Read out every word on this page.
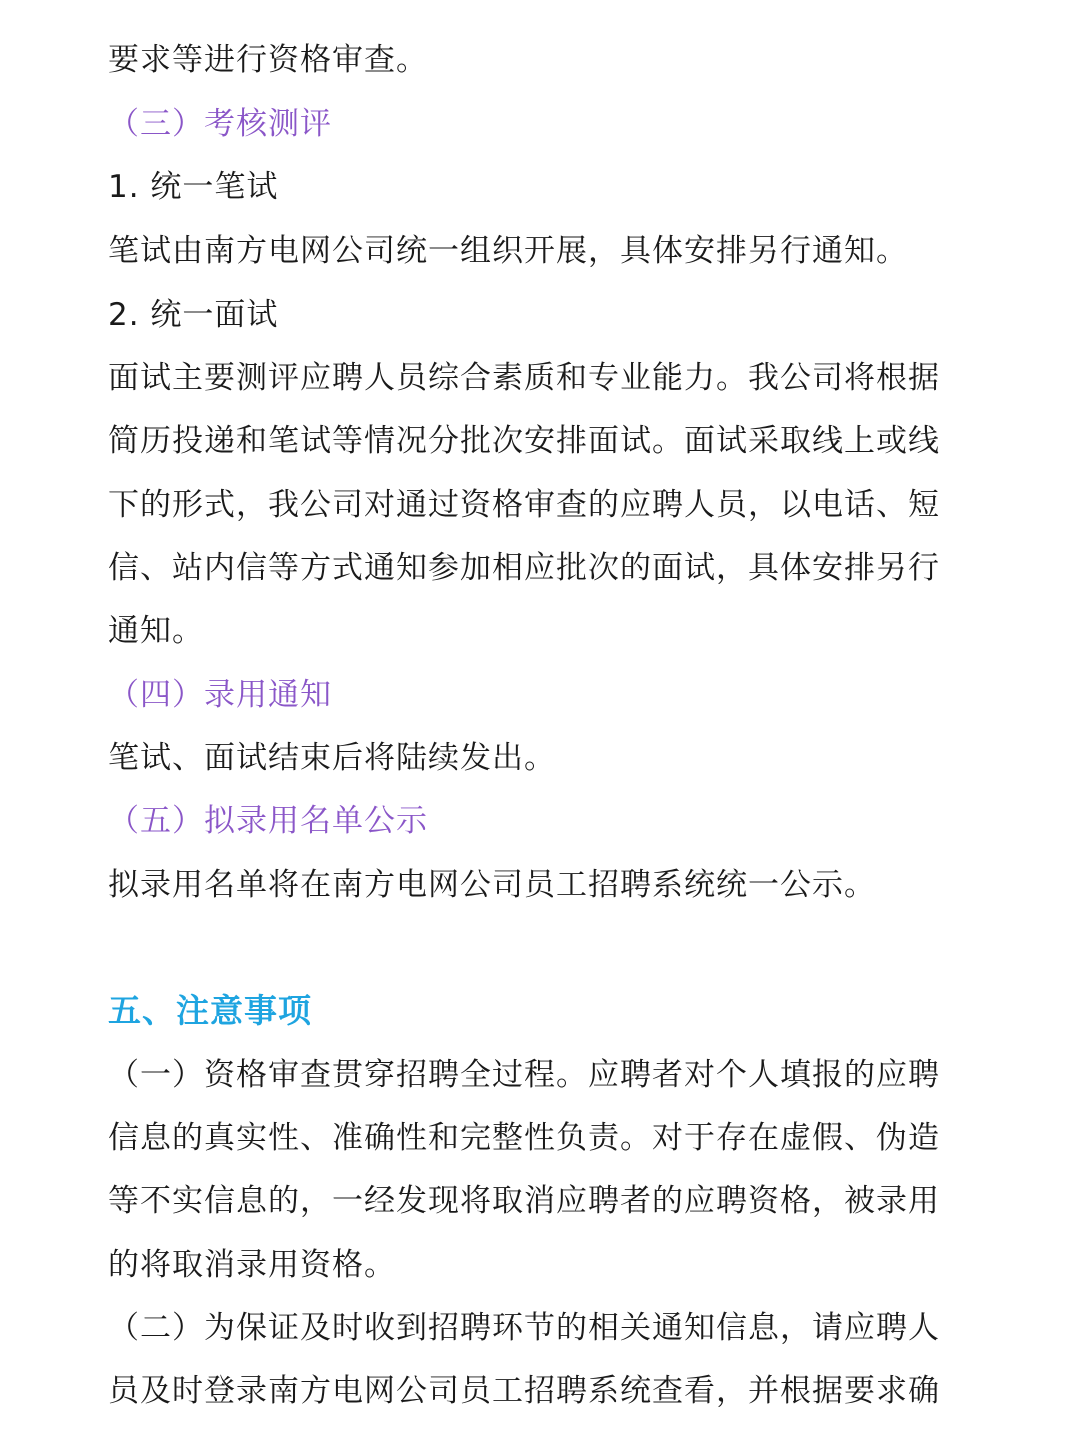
要求等进行资格审查。
（三）考核测评
1. 统一笔试
笔试由南方电网公司统一组织开展，具体安排另行通知。
2. 统一面试
面试主要测评应聘人员综合素质和专业能力。我公司将根据
简历投递和笔试等情况分批次安排面试。面试采取线上或线
下的形式，我公司对通过资格审查的应聘人员，以电话、短
信、站内信等方式通知参加相应批次的面试，具体安排另行
通知。
（四）录用通知
笔试、面试结束后将陆续发出。
（五）拟录用名单公示
拟录用名单将在南方电网公司员工招聘系统统一公示。
五、注意事项
（一）资格审查贯穿招聘全过程。应聘者对个人填报的应聘
信息的真实性、准确性和完整性负责。对于存在虚假、伪造
等不实信息的，一经发现将取消应聘者的应聘资格，被录用
的将取消录用资格。
（二）为保证及时收到招聘环节的相关通知信息，请应聘人
员及时登录南方电网公司员工招聘系统查看，并根据要求确
